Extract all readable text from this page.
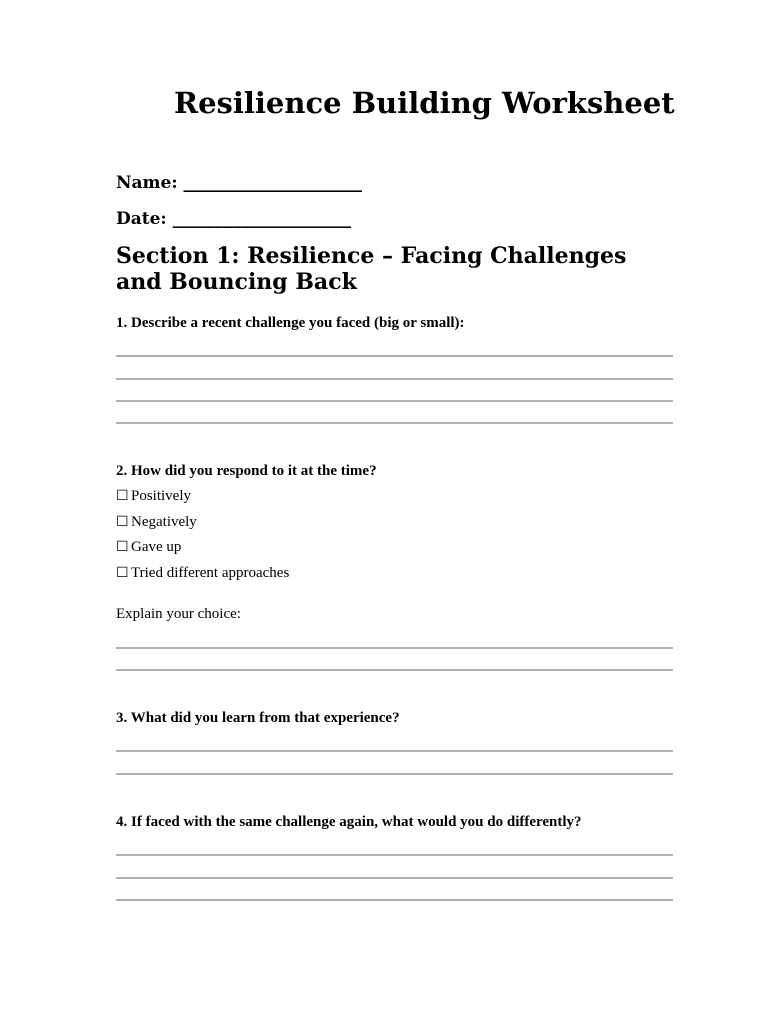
Resilience Building Worksheet
Name: _____________________
Date: _____________________
Section 1: Resilience – Facing Challenges and Bouncing Back
1. Describe a recent challenge you faced (big or small):
2. How did you respond to it at the time?
☐ Positively
☐ Negatively
☐ Gave up
☐ Tried different approaches
Explain your choice:
3. What did you learn from that experience?
4. If faced with the same challenge again, what would you do differently?
